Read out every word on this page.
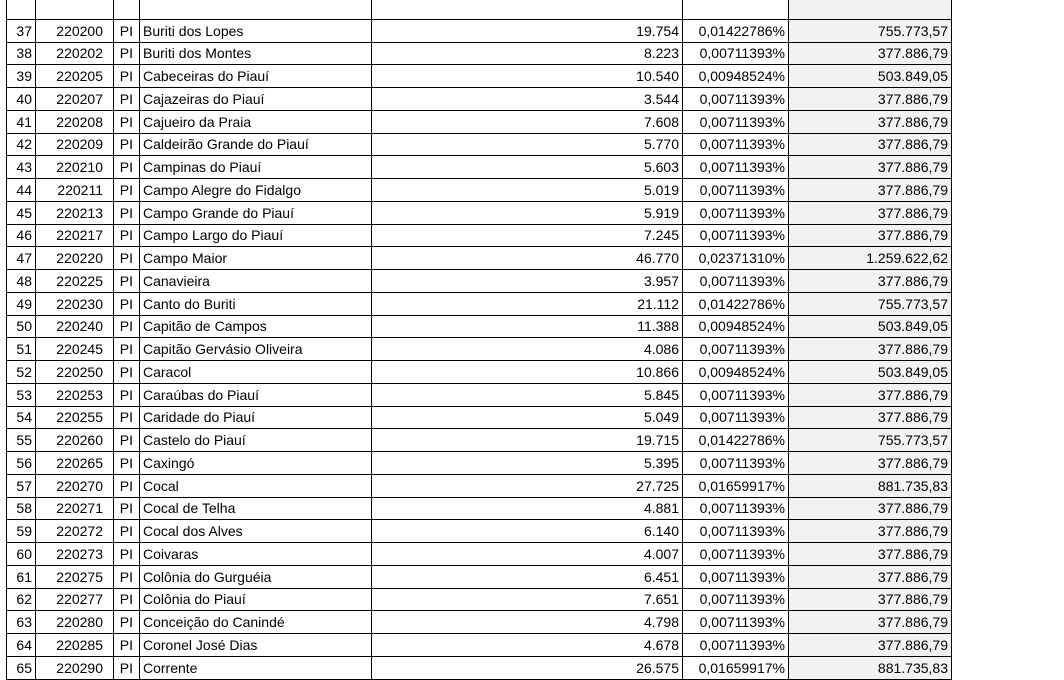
37	220200	PI	Buriti dos Lopes	19.754	0,01422786%	755.773,57
38	220202	PI	Buriti dos Montes	8.223	0,00711393%	377.886,79
39	220205	PI	Cabeceiras do Piauí	10.540	0,00948524%	503.849,05
40	220207	PI	Cajazeiras do Piauí	3.544	0,00711393%	377.886,79
41	220208	PI	Cajueiro da Praia	7.608	0,00711393%	377.886,79
42	220209	PI	Caldeirão Grande do Piauí	5.770	0,00711393%	377.886,79
43	220210	PI	Campinas do Piauí	5.603	0,00711393%	377.886,79
44	220211	PI	Campo Alegre do Fidalgo	5.019	0,00711393%	377.886,79
45	220213	PI	Campo Grande do Piauí	5.919	0,00711393%	377.886,79
46	220217	PI	Campo Largo do Piauí	7.245	0,00711393%	377.886,79
47	220220	PI	Campo Maior	46.770	0,02371310%	1.259.622,62
48	220225	PI	Canavieira	3.957	0,00711393%	377.886,79
49	220230	PI	Canto do Buriti	21.112	0,01422786%	755.773,57
50	220240	PI	Capitão de Campos	11.388	0,00948524%	503.849,05
51	220245	PI	Capitão Gervásio Oliveira	4.086	0,00711393%	377.886,79
52	220250	PI	Caracol	10.866	0,00948524%	503.849,05
53	220253	PI	Caraúbas do Piauí	5.845	0,00711393%	377.886,79
54	220255	PI	Caridade do Piauí	5.049	0,00711393%	377.886,79
55	220260	PI	Castelo do Piauí	19.715	0,01422786%	755.773,57
56	220265	PI	Caxingó	5.395	0,00711393%	377.886,79
57	220270	PI	Cocal	27.725	0,01659917%	881.735,83
58	220271	PI	Cocal de Telha	4.881	0,00711393%	377.886,79
59	220272	PI	Cocal dos Alves	6.140	0,00711393%	377.886,79
60	220273	PI	Coivaras	4.007	0,00711393%	377.886,79
61	220275	PI	Colônia do Gurguéia	6.451	0,00711393%	377.886,79
62	220277	PI	Colônia do Piauí	7.651	0,00711393%	377.886,79
63	220280	PI	Conceição do Canindé	4.798	0,00711393%	377.886,79
64	220285	PI	Coronel José Dias	4.678	0,00711393%	377.886,79
65	220290	PI	Corrente	26.575	0,01659917%	881.735,83
